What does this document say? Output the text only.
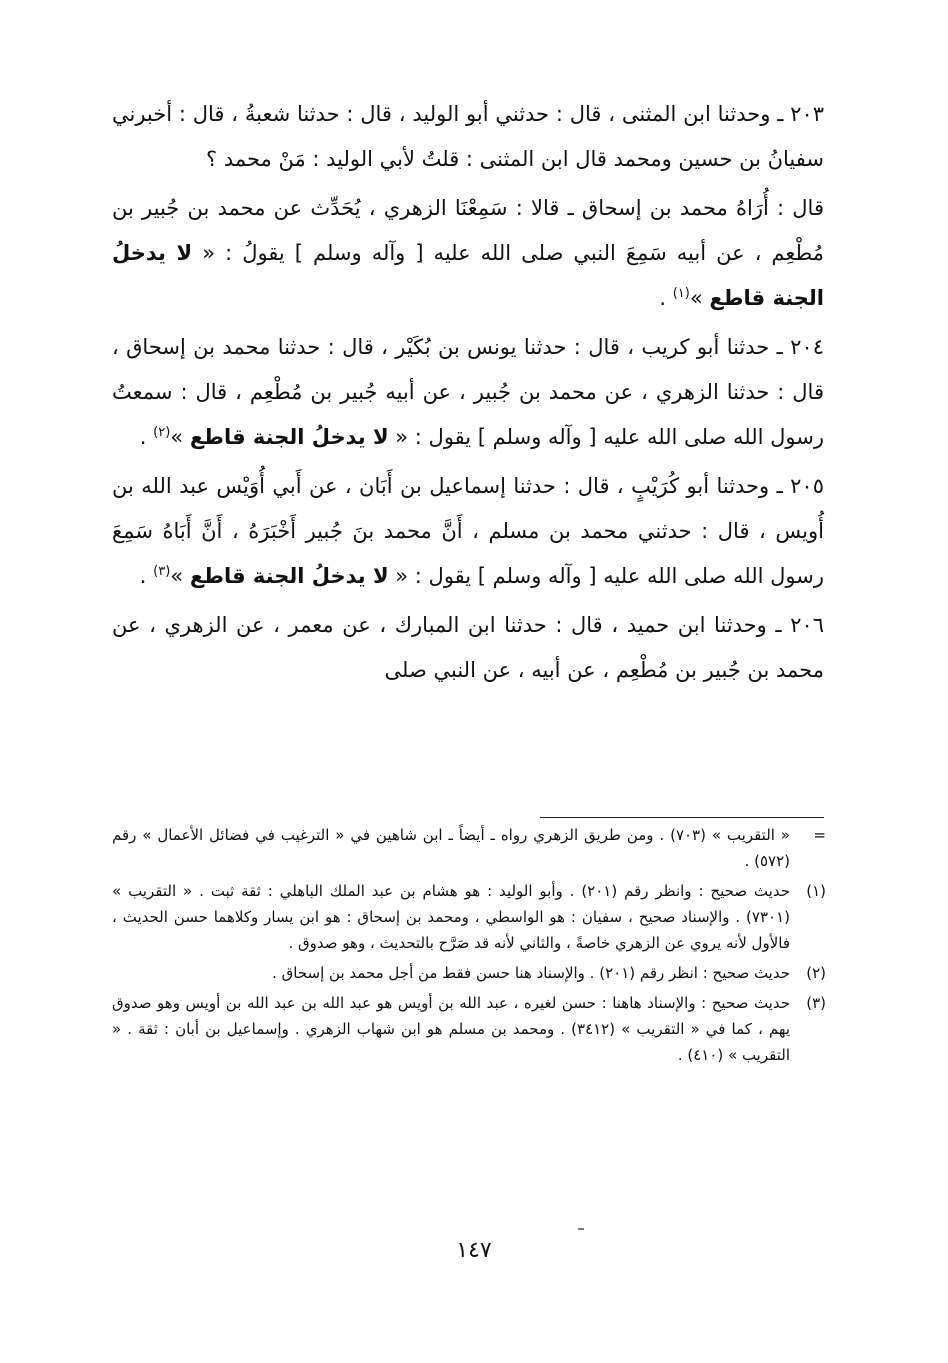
٢٠٣ ـ وحدثنا ابن المثنى ، قال : حدثني أبو الوليد ، قال : حدثنا شعبةُ ، قال : أخبرني سفيانُ بن حسين ومحمد قال ابن المثنى : قلتُ لأبي الوليد : مَنْ محمد ؟

قال : أُرَاهُ محمد بن إسحاق ـ قالا : سَمِعْنَا الزهري ، يُحَدِّث عن محمد بن جُبير بن مُطْعِم ، عن أبيه سَمِعَ النبي صلى الله عليه [ وآله وسلم ] يقولُ : « لا يدخلُ الجنة قاطع »$^{(١)}$ .

٢٠٤ ـ حدثنا أبو كريب ، قال : حدثنا يونس بن بُكَيْر ، قال : حدثنا محمد بن إسحاق ، قال : حدثنا الزهري ، عن محمد بن جُبير ، عن أبيه جُبير بن مُطْعِم ، قال : سمعتُ رسول الله صلى الله عليه [ وآله وسلم ] يقول : « لا يدخلُ الجنة قاطع »$^{(٢)}$ .

٢٠٥ ـ وحدثنا أبو كُرَيْبٍ ، قال : حدثنا إسماعيل بن أَبَان ، عن أَبي أُوَيْس عبد الله بن أُويس ، قال : حدثني محمد بن مسلم ، أَنَّ محمد بنَ جُبير أَخْبَرَهُ ، أَنَّ أَبَاهُ سَمِعَ رسول الله صلى الله عليه [ وآله وسلم ] يقول : « لا يدخلُ الجنة قاطع »$^{(٣)}$ .

٢٠٦ ـ وحدثنا ابن حميد ، قال : حدثنا ابن المبارك ، عن معمر ، عن الزهري ، عن محمد بن جُبير بن مُطْعِم ، عن أبيه ، عن النبي صلى

=
« التقريب » (٧٠٣) . ومن طريق الزهري رواه ـ أيضاً ـ ابن شاهين في « الترغيب في فضائل الأعمال » رقم (٥٧٢) .
(١)
حديث صحيح : وانظر رقم (٢٠١) . وأبو الوليد : هو هشام بن عبد الملك الباهلي : ثقة ثبت . « التقريب » (٧٣٠١) . والإسناد صحيح ، سفيان : هو الواسطي ، ومحمد بن إسحاق : هو ابن يسار وكلاهما حسن الحديث ، فالأول لأنه يروي عن الزهري خاصةً ، والثاني لأنه قد صَرَّح بالتحديث ، وهو صدوق .
(٢)
حديث صحيح : انظر رقم (٢٠١) . والإسناد هنا حسن فقط من أجل محمد بن إسحاق .
(٣)
حديث صحيح : والإسناد هاهنا : حسن لغيره ، عبد الله بن أويس هو عبد الله بن عبد الله بن أويس وهو صدوق يهم ، كما في « التقريب » (٣٤١٢) . ومحمد بن مسلم هو ابن شهاب الزهري . وإسماعيل بن أبان : ثقة . « التقريب » (٤١٠) .
١٤٧
